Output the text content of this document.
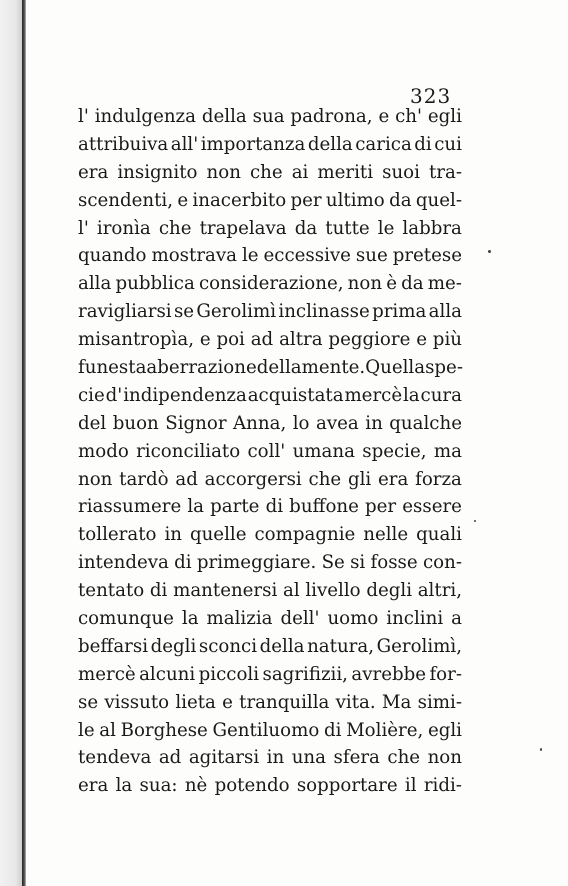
323
l' indulgenza della sua padrona, e ch' egli
attribuiva all' importanza della carica di cui
era insignito non che ai meriti suoi tra-
scendenti, e inacerbito per ultimo da quel-
l' ironìa che trapelava da tutte le labbra
quando mostrava le eccessive sue pretese
alla pubblica considerazione, non è da me-
ravigliarsi se Gerolimì inclinasse prima alla
misantropìa, e poi ad altra peggiore e più
funesta aberrazione della mente. Quella spe-
cie d' indipendenza acquistata mercè la cura
del buon Signor Anna, lo avea in qualche
modo riconciliato coll' umana specie, ma
non tardò ad accorgersi che gli era forza
riassumere la parte di buffone per essere
tollerato in quelle compagnie nelle quali
intendeva di primeggiare. Se si fosse con-
tentato di mantenersi al livello degli altri,
comunque la malizia dell' uomo inclini a
beffarsi degli sconci della natura, Gerolimì,
mercè alcuni piccoli sagrifizii, avrebbe for-
se vissuto lieta e tranquilla vita. Ma simi-
le al Borghese Gentiluomo di Molière, egli
tendeva ad agitarsi in una sfera che non
era la sua: nè potendo sopportare il ridi-
